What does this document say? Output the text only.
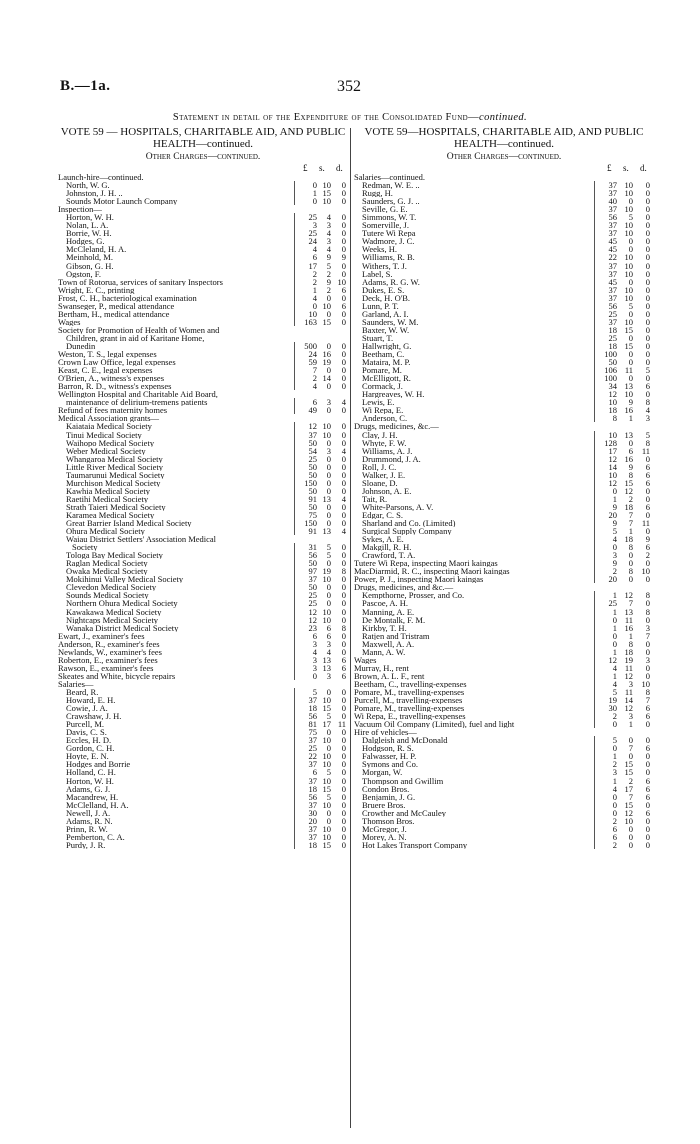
B.—1a.	352
Statement in detail of the Expenditure of the Consolidated Fund—continued.
VOTE 59 — HOSPITALS, CHARITABLE AID, AND PUBLIC HEALTH—continued.
Other Charges—continued.
£ s. d.
Launch-hire—continued.
North, W. G.	0 10	0
Johnston, J. H. ..	1 15	0
Sounds Motor Launch Company	0 10	0
Inspection—
Horton, W. H.	25	4	0
Nolan, L. A.	3	3	0
Borrie, W. H.	25	4	0
Hodges, G.	24	3	0
McCleland, H. A.	4	4	0
Meinhold, M.	6	9	9
Gibson, G. H.	17	5	0
Ogston, F.	2	2	0
Town of Rotorua, services of sanitary Inspectors	2	9 10
Wright, E. C., printing	1	2	6
Frost, C. H., bacteriological examination	4	0	0
Swanseger, P., medical attendance	0 10	6
Bertham, H., medical attendance	10	0	0
Wages	163 15	0
Society for Promotion of Health of Women and
Children, grant in aid of Karitane Home,
Dunedin	500	0	0
Weston, T. S., legal expenses	24 16	0
Crown Law Office, legal expenses	59 19	0
Keast, C. E., legal expenses	7	0	0
O'Brien, A., witness's expenses	2 14	0
Barron, R. D., witness's expenses	4	0	0
Wellington Hospital and Charitable Aid Board,
maintenance of delirium-tremens patients	6	3	4
Refund of fees maternity homes	49	0	0
Medical Association grants—
Kaiataia Medical Society	12 10	0
Tinui Medical Society	37 10	0
Waihopo Medical Society	50	0	0
Weber Medical Society	54	3	4
Whangaroa Medical Society	25	0	0
Little River Medical Society	50	0	0
Taumarunui Medical Society	50	0	0
Murchison Medical Society	150	0	0
Kawhia Medical Society	50	0	0
Raetihi Medical Society	91 13	4
Strath Taieri Medical Society	50	0	0
Karamea Medical Society	75	0	0
Great Barrier Island Medical Society	150	0	0
Ohura Medical Society	91 13	4
Waiau District Settlers' Association Medical
Society	31	5	0
Tologa Bay Medical Society	56	5	0
Raglan Medical Society	50	0	0
Owaka Medical Society	97 19	8
Mokihinui Valley Medical Society	37 10	0
Clevedon Medical Society	50	0	0
Sounds Medical Society	25	0	0
Northern Ohura Medical Society	25	0	0
Kawakawa Medical Society	12 10	0
Nightcaps Medical Society	12 10	0
Wanaka District Medical Society	23	6	8
Ewart, J., examiner's fees	6	6	0
Anderson, R., examiner's fees	3	3	0
Newlands, W., examiner's fees	4	4	0
Roberton, E., examiner's fees	3 13	6
Rawson, E., examiner's fees	3 13	6
Skeates and White, bicycle repairs	0	3	6
Salaries—
Beard, R.	5	0	0
Howard, E. H.	37 10	0
Cowie, J. A.	18 15	0
Crawshaw, J. H.	56	5	0
Purcell, M.	81 17 11
Davis, C. S.	75	0	0
Eccles, H. D.	37 10	0
Gordon, C. H.	25	0	0
Hoyte, E. N.	22 10	0
Hodges and Borrie	37 10	0
Holland, C. H.	6	5	0
Horton, W. H.	37 10	0
Adams, G. J.	18 15	0
Macandrew, H.	56	5	0
McClelland, H. A.	37 10	0
Newell, J. A.	30	0	0
Adams, R. N.	20	0	0
Prinn, R. W.	37 10	0
Pemberton, C. A.	37 10	0
Purdy, J. R.	18 15	0
VOTE 59—HOSPITALS, CHARITABLE AID, AND PUBLIC HEALTH—continued.
Other Charges—continued.
£ s. d.
Salaries—continued.
Redman, W. E. ..	37 10	0
Rugg, H.	37 10	0
Saunders, G. J. ..	40	0	0
Seville, G. E.	37 10	0
Simmons, W. T.	56	5	0
Somerville, J.	37 10	0
Tutere Wi Repa	37 10	0
Wadmore, J. C.	45	0	0
Weeks, H.	45	0	0
Williams, R. B.	22 10	0
Withers, T. J.	37 10	0
Label, S.	37 10	0
Adams, R. G. W.	45	0	0
Dukes, E. S.	37 10	0
Deck, H. O'B.	37 10	0
Lunn, P. T.	56	5	0
Garland, A. I.	25	0	0
Saunders, W. M.	37 10	0
Baxter, W. W.	18 15	0
Stuart, T.	25	0	0
Hallwright, G.	18 15	0
Beetham, C.	100	0	0
Mataira, M. P.	50	0	0
Pomare, M.	106 11	5
McElligott, R.	100	0	0
Cormack, J.	34 13	6
Hargreaves, W. H.	12 10	0
Lewis, E.	10	9	8
Wi Repa, E.	18 16	4
Anderson, C.	8	1	3
Drugs, medicines, &c.—
Clay, J. H.	10 13	5
Whyte, F. W.	128	0	8
Williams, A. J.	17	6	11
Drummond, J. A.	12 16	0
Roll, J. C.	14	9	6
Walker, J. E.	10	8	6
Sloane, D.	12 15	6
Johnson, A. E.	0 12	0
Tait, R.	1	2	0
White-Parsons, A. V.	9 18	6
Edgar, C. S.	20	7	0
Sharland and Co. (Limited)	9	7	11
Surgical Supply Company	5	1	0
Sykes, A. E.	4 18	9
Makgill, R. H.	0	8	6
Crawford, T. A.	3	0	2
Tutere Wi Repa, inspecting Maori kaingas	9	0	0
MacDiarmid, R. C., inspecting Maori kaingas	2	8	10
Power, P. J., inspecting Maori kaingas	20	0	0
Drugs, medicines, and &c.—
Kempthorne, Prosser, and Co.	1 12	8
Pascoe, A. H.	25	7	0
Manning, A. E.	1 13	8
De Montalk, F. M.	0 11	0
Kirkby, T. H.	1 16	3
Ratjen and Tristram	0	1	7
Maxwell, A. A.	0	8	0
Mann, A. W.	1 18	0
Wages	12 19	3
Murray, H., rent	4 11	0
Brown, A. L. F., rent	1 12	0
Beetham, C., travelling-expenses	4	3	10
Pomare, M., travelling-expenses	5 11	8
Purcell, M., travelling-expenses	19 14	7
Pomare, M., travelling-expenses	30 12	6
Wi Repa, E., travelling-expenses	2	3	6
Vacuum Oil Company (Limited), fuel and light	0	1	0
Hire of vehicles—
Dalgleish and McDonald	5	0	0
Hodgson, R. S.	0	7	6
Falwasser, H. P.	1	0	0
Symons and Co.	2 15	0
Morgan, W.	3 15	0
Thompson and Gwillim	1	2	6
Condon Bros.	4 17	6
Benjamin, J. G.	0	7	6
Bruere Bros.	0 15	0
Crowther and McCauley	0 12	6
Thomson Bros.	2 10	0
McGregor, J.	6	0	0
Morey, A. N.	6	0	0
Hot Lakes Transport Company	2	0	0
